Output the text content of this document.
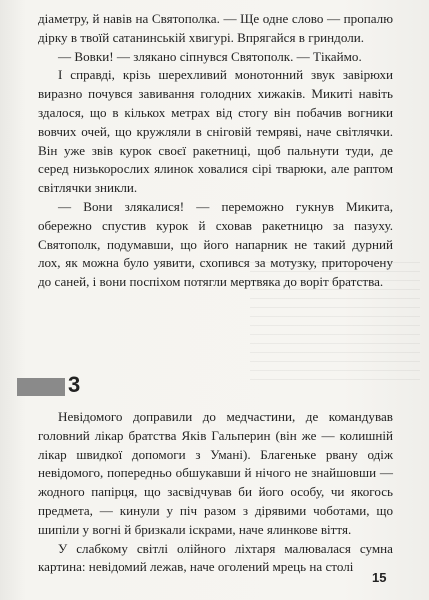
діаметру, й навів на Святополка. — Ще одне слово — пропалю дірку в твоїй сатанинській хвигурі. Впрягайся в гриндоли.

— Вовки! — злякано сіпнувся Святополк. — Тікаймо.

І справді, крізь шерехливий монотонний звук завірюхи виразно почувся завивання голодних хижаків. Микиті навіть здалося, що в кількох метрах від стогу він побачив вогники вовчих очей, що кружляли в сніговій темряві, наче світлячки. Він уже звів курок своєї ракетниці, щоб пальнути туди, де серед низькорослих ялинок ховалися сірі тварюки, але раптом світлячки зникли.

— Вони злякалися! — переможно гукнув Микита, обережно спустив курок й сховав ракетницю за пазуху. Святополк, подумавши, що його напарник не такий дурний лох, як можна було уявити, схопився за мотузку, приторочену до саней, і вони поспіхом потягли мертвяка до воріт братства.

3

Невідомого доправили до медчастини, де командував головний лікар братства Яків Гальперин (він же — колишній лікар швидкої допомоги з Умані). Благенькe рвану одіж невідомого, попередньо обшукавши й нічого не знайшовши — жодного папірця, що засвідчував би його особу, чи якогось предмета, — кинули у піч разом з дірявими чоботами, що шипіли у вогні й бризкали іскрами, наче ялинкове віття.

У слабкому світлі олійного ліхтаря малювалася сумна картина: невідомий лежав, наче оголений мрець на столі

15
